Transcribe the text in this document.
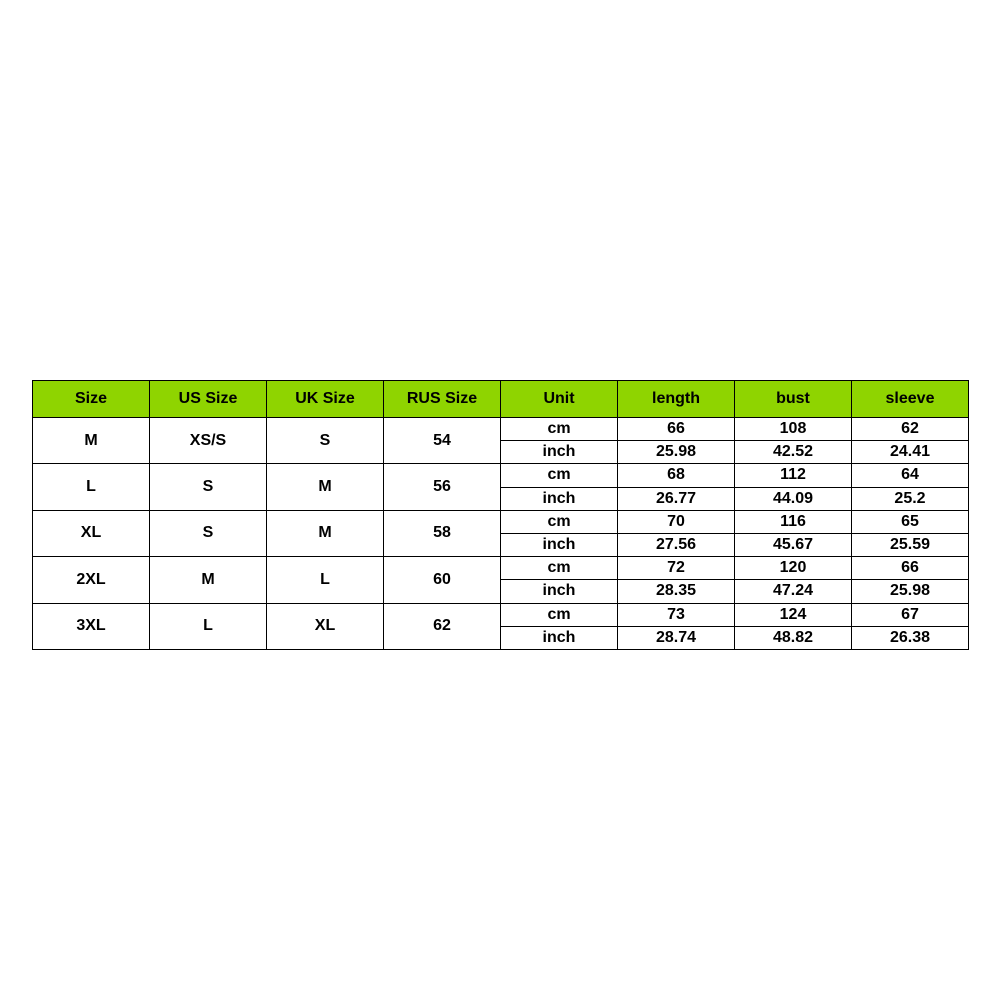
Size	US Size	UK Size	RUS Size	Unit	length	bust	sleeve
M	XS/S	S	54	cm	66	108	62
				inch	25.98	42.52	24.41
L	S	M	56	cm	68	112	64
				inch	26.77	44.09	25.2
XL	S	M	58	cm	70	116	65
				inch	27.56	45.67	25.59
2XL	M	L	60	cm	72	120	66
				inch	28.35	47.24	25.98
3XL	L	XL	62	cm	73	124	67
				inch	28.74	48.82	26.38
